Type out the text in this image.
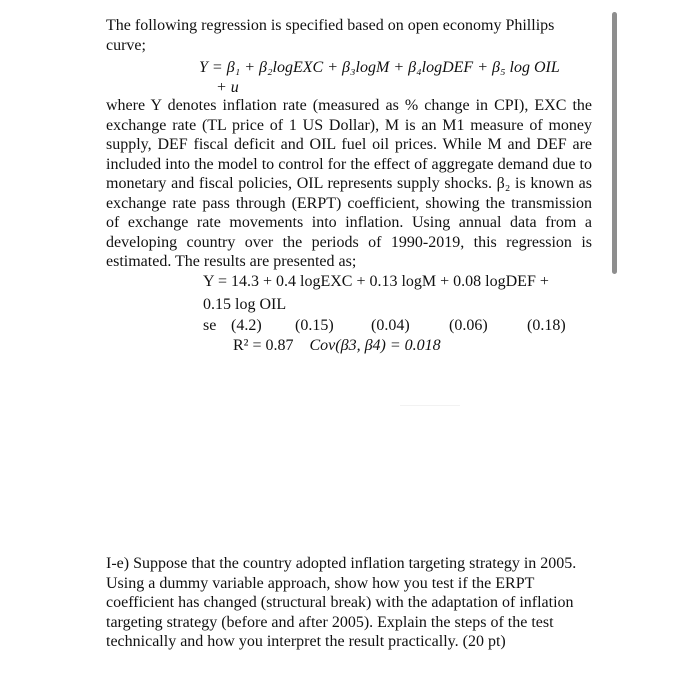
The following regression is specified based on open economy Phillips curve;
Y = β₁ + β₂logEXC + β₃logM + β₄logDEF + β₅ log OIL
+ u
where Y denotes inflation rate (measured as % change in CPI), EXC the exchange rate (TL price of 1 US Dollar), M is an M1 measure of money supply, DEF fiscal deficit and OIL fuel oil prices. While M and DEF are included into the model to control for the effect of aggregate demand due to monetary and fiscal policies, OIL represents supply shocks. β₂ is known as exchange rate pass through (ERPT) coefficient, showing the transmission of exchange rate movements into inflation. Using annual data from a developing country over the periods of 1990-2019, this regression is estimated. The results are presented as;
Y = 14.3 + 0.4 logEXC + 0.13 logM + 0.08 logDEF +
0.15 log OIL
se (4.2) (0.15) (0.04) (0.06) (0.18)
R² = 0.87 Cov(β3, β4) = 0.018
I-e) Suppose that the country adopted inflation targeting strategy in 2005. Using a dummy variable approach, show how you test if the ERPT coefficient has changed (structural break) with the adaptation of inflation targeting strategy (before and after 2005). Explain the steps of the test technically and how you interpret the result practically. (20 pt)
